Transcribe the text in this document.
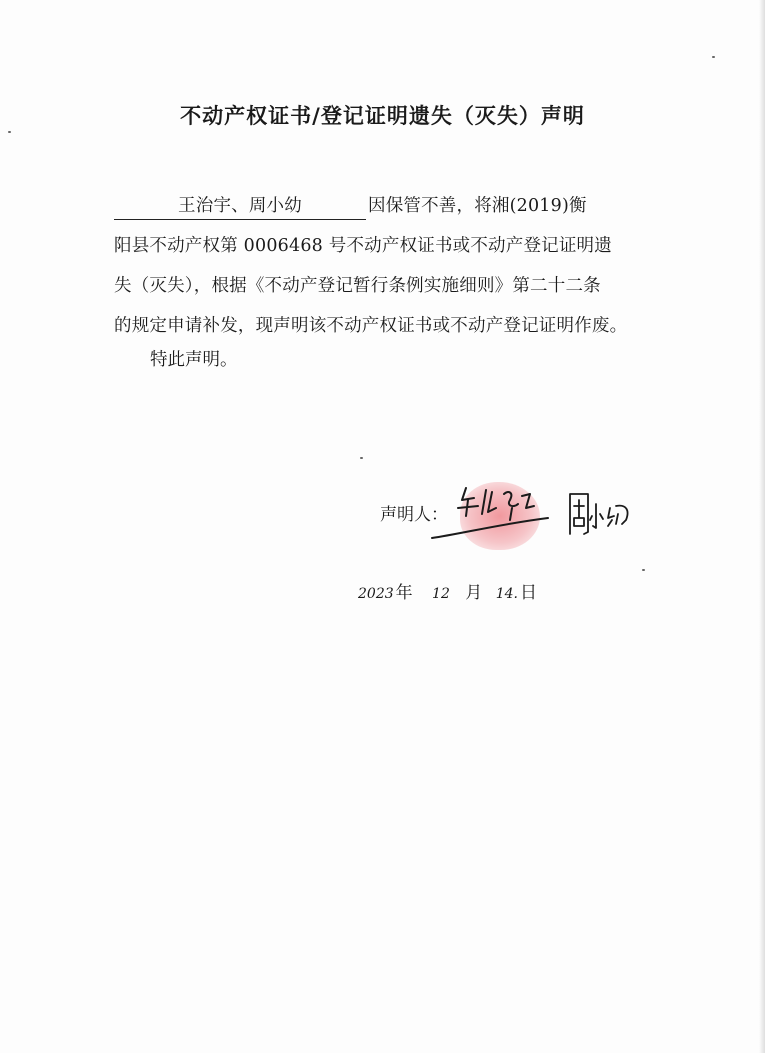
不动产权证书/登记证明遗失（灭失）声明
王治宇、周小幼	因保管不善，将湘(2019)衡
阳县不动产权第 0006468 号不动产权证书或不动产登记证明遗
失（灭失），根据《不动产登记暂行条例实施细则》第二十二条
的规定申请补发，现声明该不动产权证书或不动产登记证明作废。
特此声明。
声明人：
2023 年 12 月 14. 日
